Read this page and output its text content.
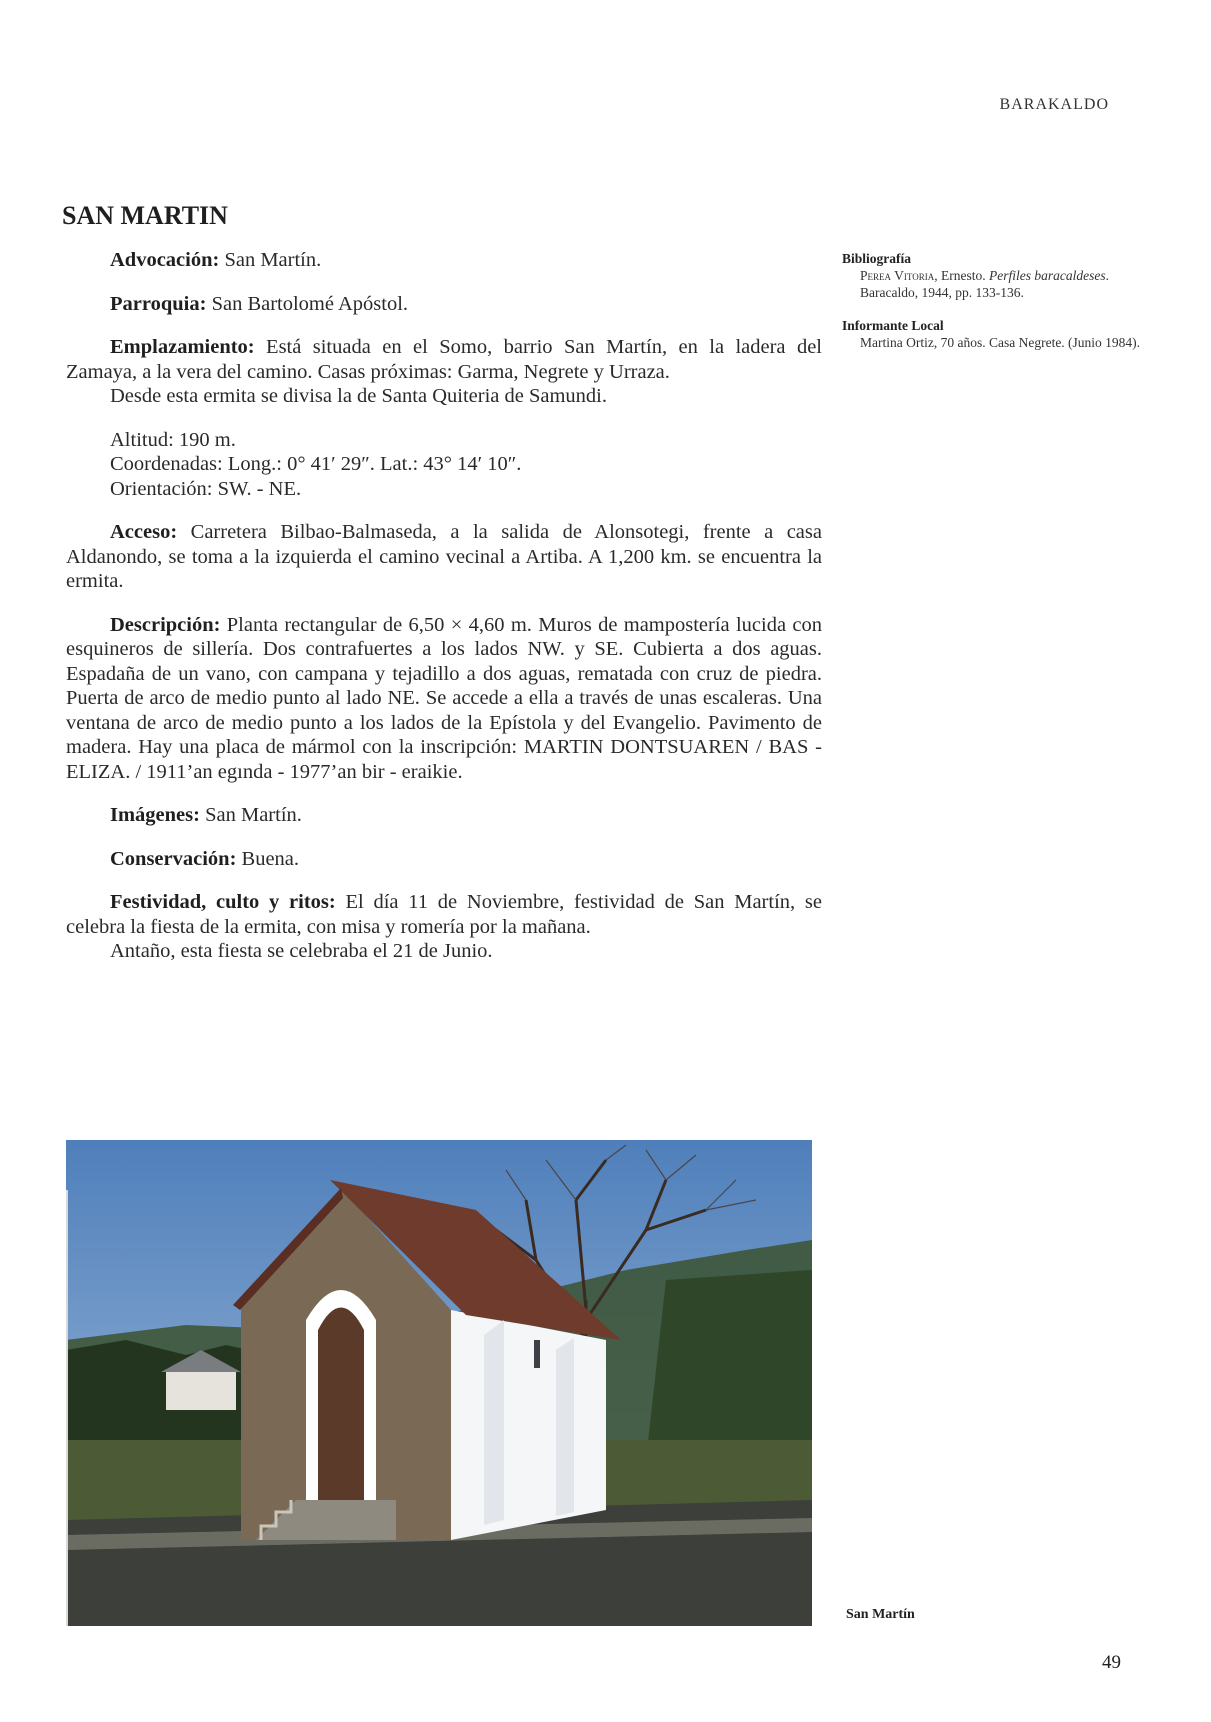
BARAKALDO
SAN MARTIN

Advocación: San Martín.

Parroquia: San Bartolomé Apóstol.

Emplazamiento: Está situada en el Somo, barrio San Martín, en la ladera del Zamaya, a la vera del camino. Casas próximas: Garma, Negrete y Urraza.

Desde esta ermita se divisa la de Santa Quiteria de Samundi.

Altitud: 190 m.

Coordenadas: Long.: 0° 41′ 29″. Lat.: 43° 14′ 10″.

Orientación: SW. - NE.

Acceso: Carretera Bilbao-Balmaseda, a la salida de Alonsotegi, frente a casa Aldanondo, se toma a la izquierda el camino vecinal a Artiba. A 1,200 km. se encuentra la ermita.

Descripción: Planta rectangular de 6,50 × 4,60 m. Muros de mampostería lucida con esquineros de sillería. Dos contrafuertes a los lados NW. y SE. Cubierta a dos aguas. Espadaña de un vano, con campana y tejadillo a dos aguas, rematada con cruz de piedra. Puerta de arco de medio punto al lado NE. Se accede a ella a través de unas escaleras. Una ventana de arco de medio punto a los lados de la Epístola y del Evangelio. Pavimento de madera. Hay una placa de mármol con la inscripción: MARTIN DONTSUAREN / BAS - ELIZA. / 1911’an egında - 1977’an bir - eraikie.

Imágenes: San Martín.

Conservación: Buena.

Festividad, culto y ritos: El día 11 de Noviembre, festividad de San Martín, se celebra la fiesta de la ermita, con misa y romería por la mañana.

Antaño, esta fiesta se celebraba el 21 de Junio.

Bibliografía

Perea Vitoria, Ernesto. Perfiles baracaldeses. Baracaldo, 1944, pp. 133-136.

Informante Local

Martina Ortiz, 70 años. Casa Negrete. (Junio 1984).

San Martín
49
